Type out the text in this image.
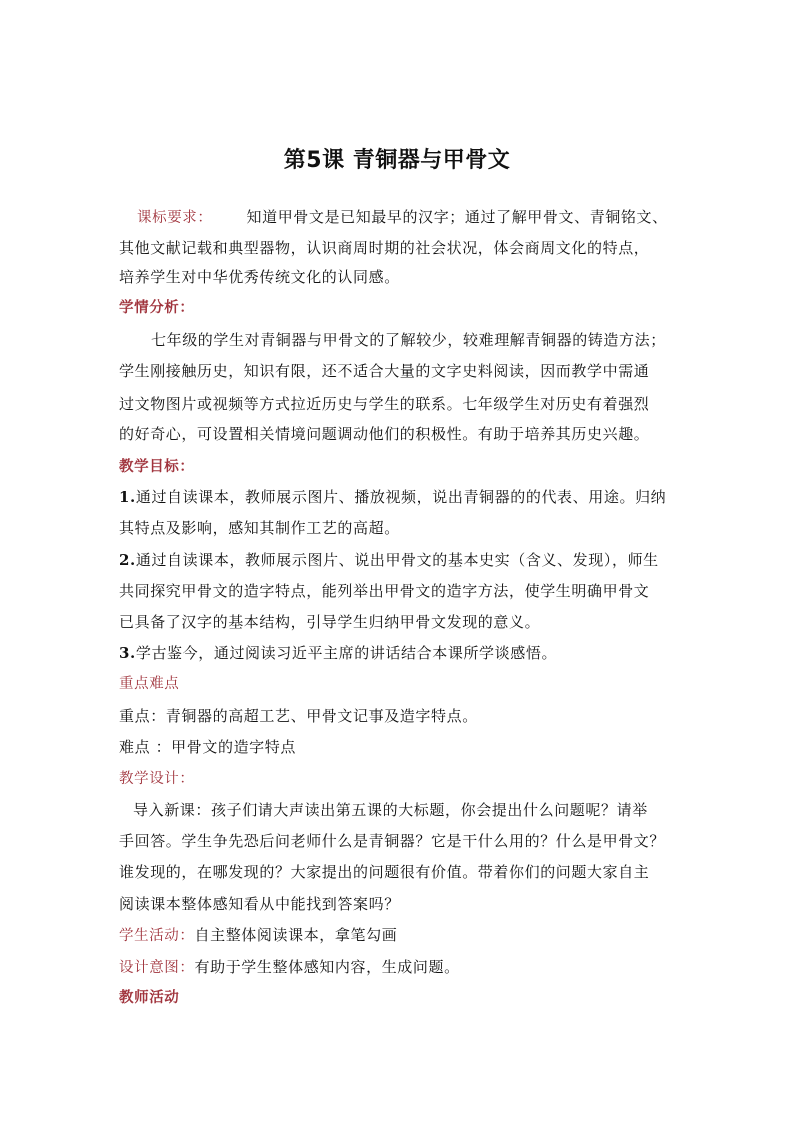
第5课 青铜器与甲骨文
课标要求： 知道甲骨文是已知最早的汉字；通过了解甲骨文、青铜铭文、
其他文献记载和典型器物，认识商周时期的社会状况，体会商周文化的特点，
培养学生对中华优秀传统文化的认同感。
学情分析：
七年级的学生对青铜器与甲骨文的了解较少，较难理解青铜器的铸造方法；
学生刚接触历史，知识有限，还不适合大量的文字史料阅读，因而教学中需通
过文物图片或视频等方式拉近历史与学生的联系。七年级学生对历史有着强烈
的好奇心，可设置相关情境问题调动他们的积极性。有助于培养其历史兴趣。
教学目标：
1.通过自读课本，教师展示图片、播放视频，说出青铜器的的代表、用途。归纳
其特点及影响，感知其制作工艺的高超。
2.通过自读课本，教师展示图片、说出甲骨文的基本史实（含义、发现），师生
共同探究甲骨文的造字特点，能列举出甲骨文的造字方法，使学生明确甲骨文
已具备了汉字的基本结构，引导学生归纳甲骨文发现的意义。
3.学古鉴今，通过阅读习近平主席的讲话结合本课所学谈感悟。
重点难点
重点：青铜器的高超工艺、甲骨文记事及造字特点。
难点 ：甲骨文的造字特点
教学设计：
导入新课：孩子们请大声读出第五课的大标题，你会提出什么问题呢？请举
手回答。学生争先恐后问老师什么是青铜器？它是干什么用的？什么是甲骨文？
谁发现的，在哪发现的？大家提出的问题很有价值。带着你们的问题大家自主
阅读课本整体感知看从中能找到答案吗？
学生活动：自主整体阅读课本，拿笔勾画
设计意图：有助于学生整体感知内容，生成问题。
教师活动
